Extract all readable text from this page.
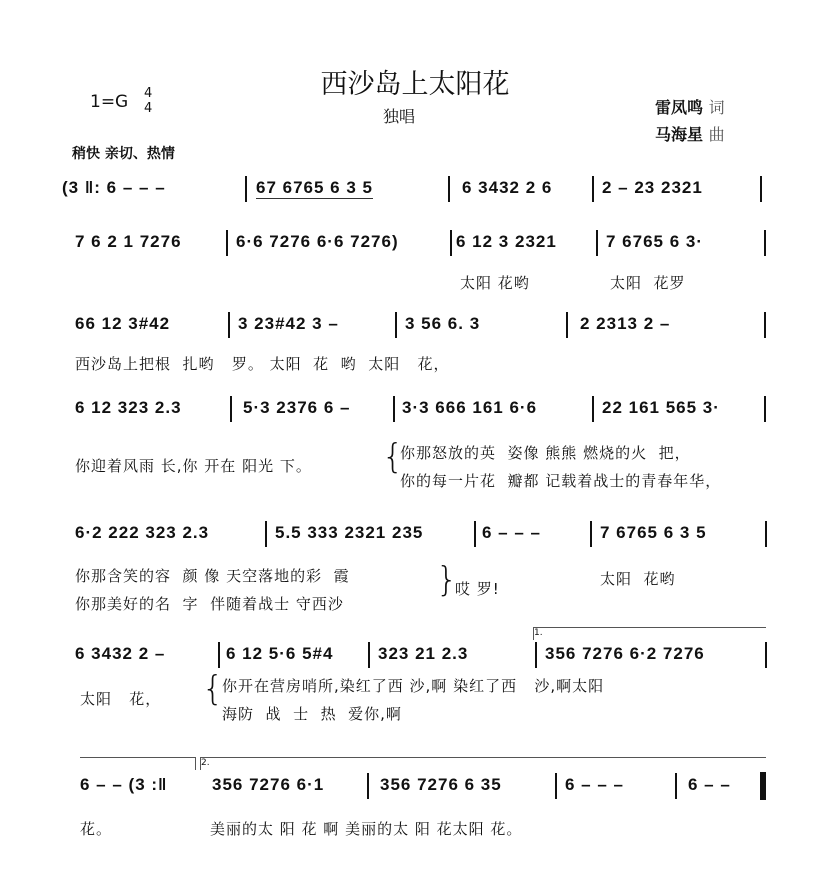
西沙岛上太阳花
1=G 4
4	独唱	雷凤鸣 词
马海星 曲
稍快 亲切、热情
(3 ‖: 6 – – –	67 6765 6 3 5	6 3432 2 6	2 – 23 2321
7 6 2 1 7276	6·6 7276 6·6 7276)	6 12 3 2321	7 6765 6 3·
太阳 花哟	太阳  花罗
66 12 3#42	3 23#42 3 –	3 56 6. 3	2 2313 2 –
西沙岛上把根  扎哟   罗。 太阳  花  哟  太阳   花，
6 12 323 2.3	5·3 2376 6 –	3·3 666 161 6·6	22 161 565 3·
你迎着风雨 长,你 开在 阳光 下。 {
你那怒放的英  姿像 熊熊 燃烧的火  把，
你的每一片花  瓣都 记载着战士的青春年华，
6·2 222 323 2.3	5.5 333 2321 235	6 – – –	7 6765 6 3 5
你那含笑的容  颜 像 天空落地的彩  霞
你那美好的名  字  伴随着战士 守西沙
}
哎 罗!
太阳  花哟
1.
6 3432 2 –	6 12 5·6 5#4	323 21 2.3	356 7276 6·2 7276
太阳   花， {
你开在营房哨所,染红了西 沙,啊 染红了西   沙,啊太阳
海防  战  士  热  爱你,啊
2.
6 – – (3 :‖	356 7276 6·1	356 7276 6 35	6 – – –	6 – –
花。	美丽的太 阳 花 啊 美丽的太 阳 花太阳 花。
